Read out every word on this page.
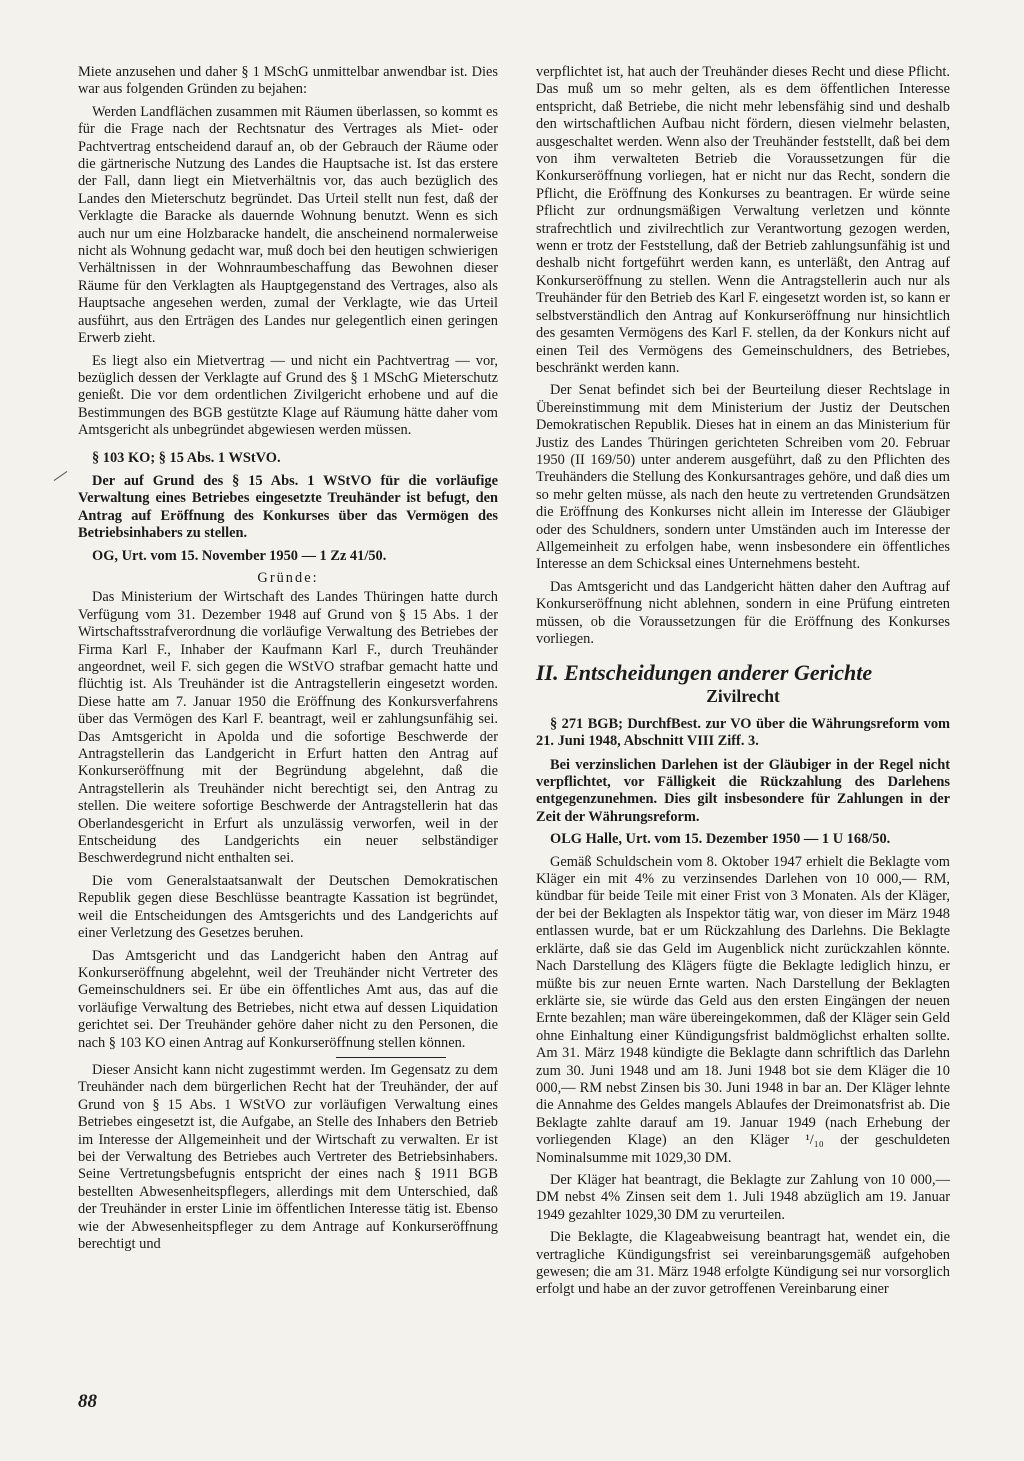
Miete anzusehen und daher § 1 MSchG unmittelbar anwendbar ist. Dies war aus folgenden Gründen zu bejahen:

Werden Landflächen zusammen mit Räumen überlassen, so kommt es für die Frage nach der Rechtsnatur des Vertrages als Miet- oder Pachtvertrag entscheidend darauf an, ob der Gebrauch der Räume oder die gärtnerische Nutzung des Landes die Hauptsache ist. Ist das erstere der Fall, dann liegt ein Mietverhältnis vor, das auch bezüglich des Landes den Mieterschutz begründet. Das Urteil stellt nun fest, daß der Verklagte die Baracke als dauernde Wohnung benutzt. Wenn es sich auch nur um eine Holzbaracke handelt, die anscheinend normalerweise nicht als Wohnung gedacht war, muß doch bei den heutigen schwierigen Verhältnissen in der Wohnraumbeschaffung das Bewohnen dieser Räume für den Verklagten als Hauptgegenstand des Vertrages, also als Hauptsache angesehen werden, zumal der Verklagte, wie das Urteil ausführt, aus den Erträgen des Landes nur gelegentlich einen geringen Erwerb zieht.

Es liegt also ein Mietvertrag — und nicht ein Pachtvertrag — vor, bezüglich dessen der Verklagte auf Grund des § 1 MSchG Mieterschutz genießt. Die vor dem ordentlichen Zivilgericht erhobene und auf die Bestimmungen des BGB gestützte Klage auf Räumung hätte daher vom Amtsgericht als unbegründet abgewiesen werden müssen.

§ 103 KO; § 15 Abs. 1 WStVO.

Der auf Grund des § 15 Abs. 1 WStVO für die vorläufige Verwaltung eines Betriebes eingesetzte Treuhänder ist befugt, den Antrag auf Eröffnung des Konkurses über das Vermögen des Betriebsinhabers zu stellen.

OG, Urt. vom 15. November 1950 — 1 Zz 41/50.

Gründe:

Das Ministerium der Wirtschaft des Landes Thüringen hatte durch Verfügung vom 31. Dezember 1948 auf Grund von § 15 Abs. 1 der Wirtschaftsstrafverordnung die vorläufige Verwaltung des Betriebes der Firma Karl F., Inhaber der Kaufmann Karl F., durch Treuhänder angeordnet, weil F. sich gegen die WStVO strafbar gemacht hatte und flüchtig ist. Als Treuhänder ist die Antragstellerin eingesetzt worden. Diese hatte am 7. Januar 1950 die Eröffnung des Konkursverfahrens über das Vermögen des Karl F. beantragt, weil er zahlungsunfähig sei. Das Amtsgericht in Apolda und die sofortige Beschwerde der Antragstellerin das Landgericht in Erfurt hatten den Antrag auf Konkurseröffnung mit der Begründung abgelehnt, daß die Antragstellerin als Treuhänder nicht berechtigt sei, den Antrag zu stellen. Die weitere sofortige Beschwerde der Antragstellerin hat das Oberlandesgericht in Erfurt als unzulässig verworfen, weil in der Entscheidung des Landgerichts ein neuer selbständiger Beschwerdegrund nicht enthalten sei.

Die vom Generalstaatsanwalt der Deutschen Demokratischen Republik gegen diese Beschlüsse beantragte Kassation ist begründet, weil die Entscheidungen des Amtsgerichts und des Landgerichts auf einer Verletzung des Gesetzes beruhen.

Das Amtsgericht und das Landgericht haben den Antrag auf Konkurseröffnung abgelehnt, weil der Treuhänder nicht Vertreter des Gemeinschuldners sei. Er übe ein öffentliches Amt aus, das auf die vorläufige Verwaltung des Betriebes, nicht etwa auf dessen Liquidation gerichtet sei. Der Treuhänder gehöre daher nicht zu den Personen, die nach § 103 KO einen Antrag auf Konkurseröffnung stellen können.

Dieser Ansicht kann nicht zugestimmt werden. Im Gegensatz zu dem Treuhänder nach dem bürgerlichen Recht hat der Treuhänder, der auf Grund von § 15 Abs. 1 WStVO zur vorläufigen Verwaltung eines Betriebes eingesetzt ist, die Aufgabe, an Stelle des Inhabers den Betrieb im Interesse der Allgemeinheit und der Wirtschaft zu verwalten. Er ist bei der Verwaltung des Betriebes auch Vertreter des Betriebsinhabers. Seine Vertretungsbefugnis entspricht der eines nach § 1911 BGB bestellten Abwesenheitspflegers, allerdings mit dem Unterschied, daß der Treuhänder in erster Linie im öffentlichen Interesse tätig ist. Ebenso wie der Abwesenheitspfleger zu dem Antrage auf Konkurseröffnung berechtigt und

verpflichtet ist, hat auch der Treuhänder dieses Recht und diese Pflicht. Das muß um so mehr gelten, als es dem öffentlichen Interesse entspricht, daß Betriebe, die nicht mehr lebensfähig sind und deshalb den wirtschaftlichen Aufbau nicht fördern, diesen vielmehr belasten, ausgeschaltet werden. Wenn also der Treuhänder feststellt, daß bei dem von ihm verwalteten Betrieb die Voraussetzungen für die Konkurseröffnung vorliegen, hat er nicht nur das Recht, sondern die Pflicht, die Eröffnung des Konkurses zu beantragen. Er würde seine Pflicht zur ordnungsmäßigen Verwaltung verletzen und könnte strafrechtlich und zivilrechtlich zur Verantwortung gezogen werden, wenn er trotz der Feststellung, daß der Betrieb zahlungsunfähig ist und deshalb nicht fortgeführt werden kann, es unterläßt, den Antrag auf Konkurseröffnung zu stellen. Wenn die Antragstellerin auch nur als Treuhänder für den Betrieb des Karl F. eingesetzt worden ist, so kann er selbstverständlich den Antrag auf Konkurseröffnung nur hinsichtlich des gesamten Vermögens des Karl F. stellen, da der Konkurs nicht auf einen Teil des Vermögens des Gemeinschuldners, des Betriebes, beschränkt werden kann.

Der Senat befindet sich bei der Beurteilung dieser Rechtslage in Übereinstimmung mit dem Ministerium der Justiz der Deutschen Demokratischen Republik. Dieses hat in einem an das Ministerium für Justiz des Landes Thüringen gerichteten Schreiben vom 20. Februar 1950 (II 169/50) unter anderem ausgeführt, daß zu den Pflichten des Treuhänders die Stellung des Konkursantrages gehöre, und daß dies um so mehr gelten müsse, als nach den heute zu vertretenden Grundsätzen die Eröffnung des Konkurses nicht allein im Interesse der Gläubiger oder des Schuldners, sondern unter Umständen auch im Interesse der Allgemeinheit zu erfolgen habe, wenn insbesondere ein öffentliches Interesse an dem Schicksal eines Unternehmens besteht.

Das Amtsgericht und das Landgericht hätten daher den Auftrag auf Konkurseröffnung nicht ablehnen, sondern in eine Prüfung eintreten müssen, ob die Voraussetzungen für die Eröffnung des Konkurses vorliegen.

II. Entscheidungen anderer Gerichte

Zivilrecht

§ 271 BGB; DurchfBest. zur VO über die Währungsreform vom 21. Juni 1948, Abschnitt VIII Ziff. 3.

Bei verzinslichen Darlehen ist der Gläubiger in der Regel nicht verpflichtet, vor Fälligkeit die Rückzahlung des Darlehens entgegenzunehmen. Dies gilt insbesondere für Zahlungen in der Zeit der Währungsreform.

OLG Halle, Urt. vom 15. Dezember 1950 — 1 U 168/50.

Gemäß Schuldschein vom 8. Oktober 1947 erhielt die Beklagte vom Kläger ein mit 4% zu verzinsendes Darlehen von 10 000,— RM, kündbar für beide Teile mit einer Frist von 3 Monaten. Als der Kläger, der bei der Beklagten als Inspektor tätig war, von dieser im März 1948 entlassen wurde, bat er um Rückzahlung des Darlehns. Die Beklagte erklärte, daß sie das Geld im Augenblick nicht zurückzahlen könnte. Nach Darstellung des Klägers fügte die Beklagte lediglich hinzu, er müßte bis zur neuen Ernte warten. Nach Darstellung der Beklagten erklärte sie, sie würde das Geld aus den ersten Eingängen der neuen Ernte bezahlen; man wäre übereingekommen, daß der Kläger sein Geld ohne Einhaltung einer Kündigungsfrist baldmöglichst erhalten sollte. Am 31. März 1948 kündigte die Beklagte dann schriftlich das Darlehn zum 30. Juni 1948 und am 18. Juni 1948 bot sie dem Kläger die 10 000,— RM nebst Zinsen bis 30. Juni 1948 in bar an. Der Kläger lehnte die Annahme des Geldes mangels Ablaufes der Dreimonatsfrist ab. Die Beklagte zahlte darauf am 19. Januar 1949 (nach Erhebung der vorliegenden Klage) an den Kläger ¹/₁₀ der geschuldeten Nominalsumme mit 1029,30 DM.

Der Kläger hat beantragt, die Beklagte zur Zahlung von 10 000,— DM nebst 4% Zinsen seit dem 1. Juli 1948 abzüglich am 19. Januar 1949 gezahlter 1029,30 DM zu verurteilen.

Die Beklagte, die Klageabweisung beantragt hat, wendet ein, die vertragliche Kündigungsfrist sei vereinbarungsgemäß aufgehoben gewesen; die am 31. März 1948 erfolgte Kündigung sei nur vorsorglich erfolgt und habe an der zuvor getroffenen Vereinbarung einer

88
